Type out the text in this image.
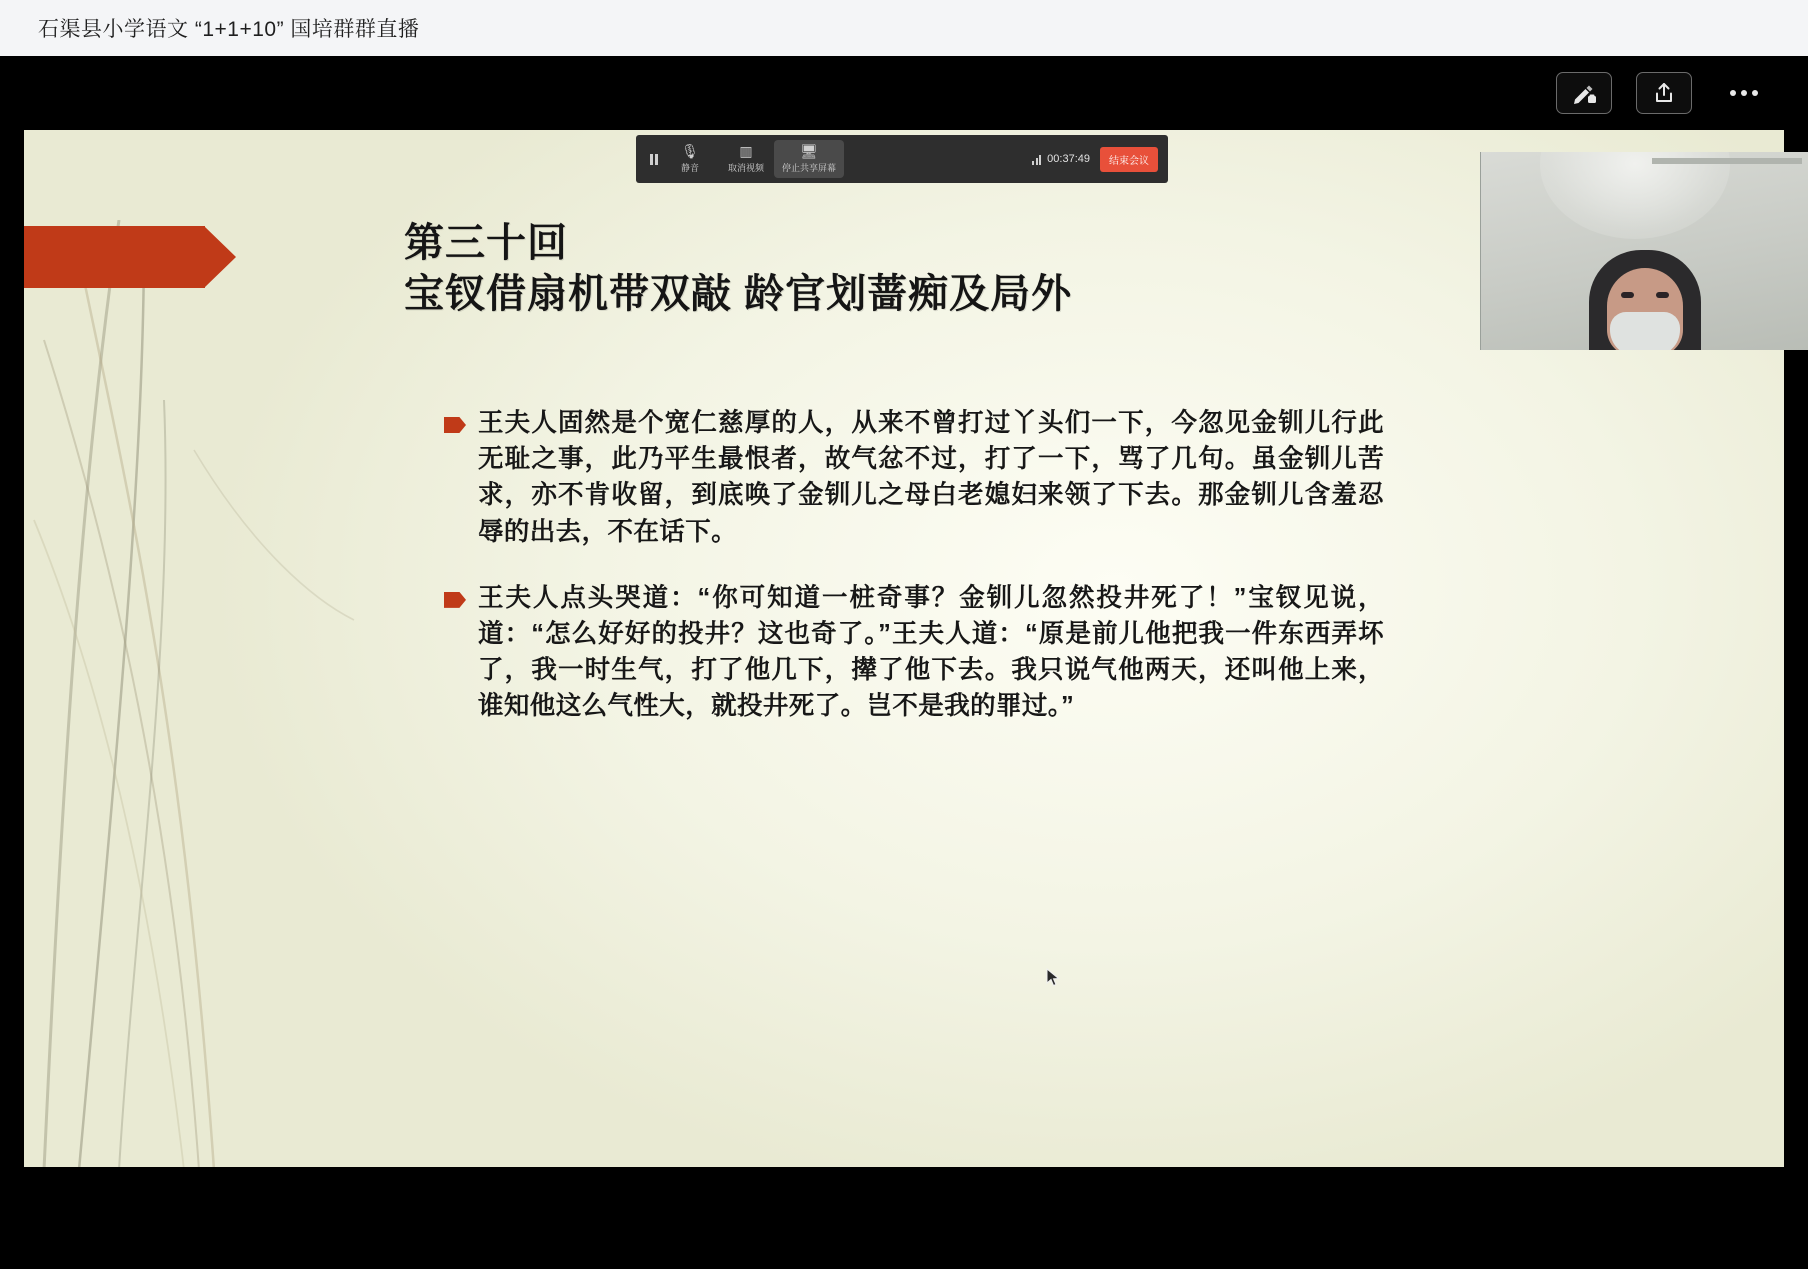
石渠县小学语文 “1+1+10” 国培群群直播
第三十回
宝钗借扇机带双敲 龄官划蔷痴及局外
王夫人固然是个宽仁慈厚的人，从来不曾打过丫头们一下，今忽见金钏儿行此无耻之事，此乃平生最恨者，故气忿不过，打了一下，骂了几句。虽金钏儿苦求，亦不肯收留，到底唤了金钏儿之母白老媳妇来领了下去。那金钏儿含羞忍辱的出去，不在话下。
王夫人点头哭道：“你可知道一桩奇事？金钏儿忽然投井死了！”宝钗见说，道：“怎么好好的投井？这也奇了。”王夫人道：“原是前儿他把我一件东西弄坏了，我一时生气，打了他几下，撵了他下去。我只说气他两天，还叫他上来，谁知他这么气性大，就投井死了。岂不是我的罪过。”
🎙
静音
▥
取消视频
🖥
停止共享屏幕
00:37:49	结束会议
